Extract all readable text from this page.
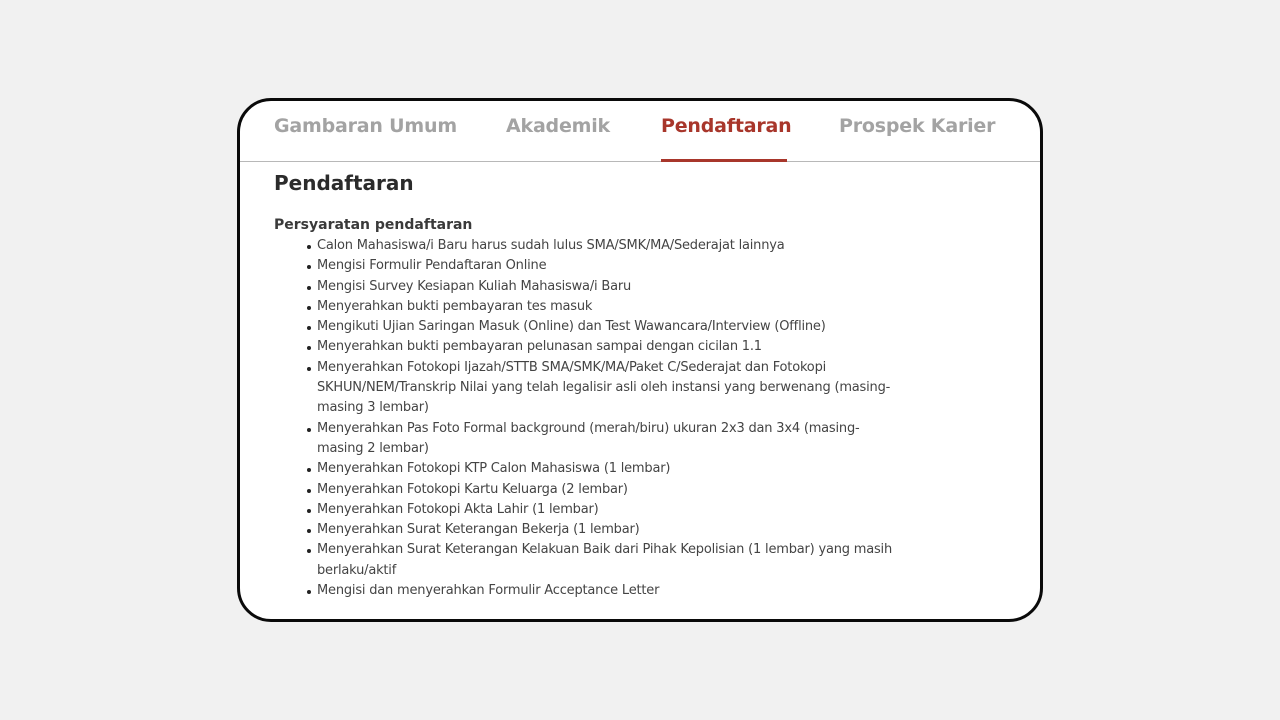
Gambaran Umum	Akademik	Pendaftaran	Prospek Karier
Pendaftaran
Persyaratan pendaftaran
Calon Mahasiswa/i Baru harus sudah lulus SMA/SMK/MA/Sederajat lainnya
Mengisi Formulir Pendaftaran Online
Mengisi Survey Kesiapan Kuliah Mahasiswa/i Baru
Menyerahkan bukti pembayaran tes masuk
Mengikuti Ujian Saringan Masuk (Online) dan Test Wawancara/Interview (Offline)
Menyerahkan bukti pembayaran pelunasan sampai dengan cicilan 1.1
Menyerahkan Fotokopi Ijazah/STTB SMA/SMK/MA/Paket C/Sederajat dan Fotokopi SKHUN/NEM/Transkrip Nilai yang telah legalisir asli oleh instansi yang berwenang (masing-masing 3 lembar)
Menyerahkan Pas Foto Formal background (merah/biru) ukuran 2x3 dan 3x4 (masing-masing 2 lembar)
Menyerahkan Fotokopi KTP Calon Mahasiswa (1 lembar)
Menyerahkan Fotokopi Kartu Keluarga (2 lembar)
Menyerahkan Fotokopi Akta Lahir (1 lembar)
Menyerahkan Surat Keterangan Bekerja (1 lembar)
Menyerahkan Surat Keterangan Kelakuan Baik dari Pihak Kepolisian (1 lembar) yang masih berlaku/aktif
Mengisi dan menyerahkan Formulir Acceptance Letter
